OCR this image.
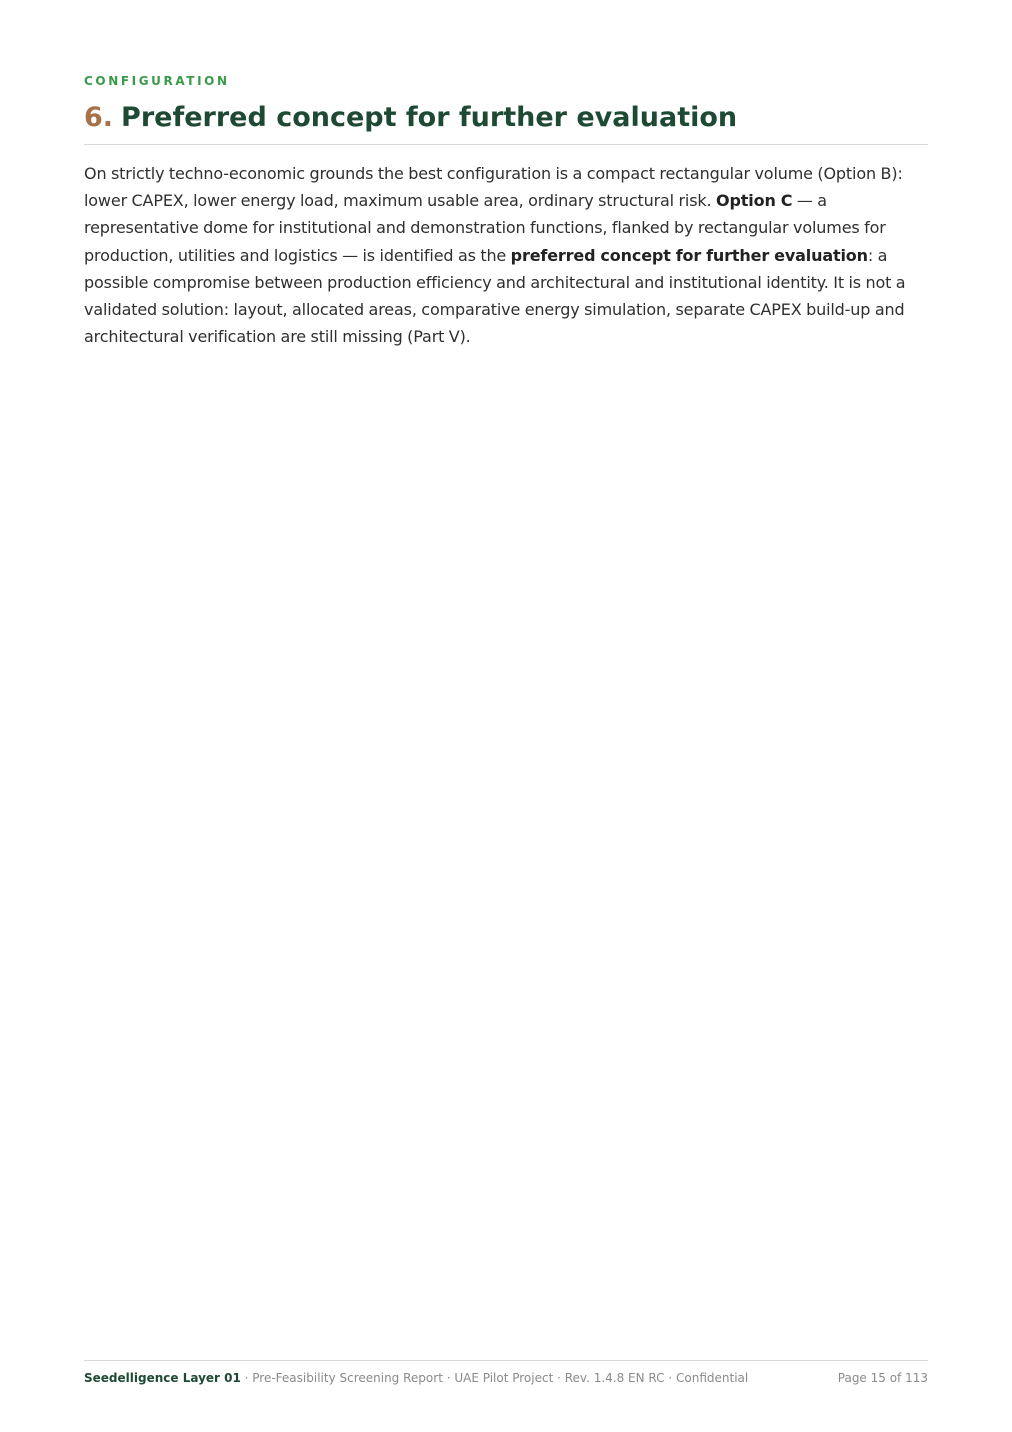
CONFIGURATION
6. Preferred concept for further evaluation

On strictly techno-economic grounds the best configuration is a compact rectangular volume (Option B): lower CAPEX, lower energy load, maximum usable area, ordinary structural risk. Option C — a representative dome for institutional and demonstration functions, flanked by rectangular volumes for production, utilities and logistics — is identified as the preferred concept for further evaluation: a possible compromise between production efficiency and architectural and institutional identity. It is not a validated solution: layout, allocated areas, comparative energy simulation, separate CAPEX build-up and architectural verification are still missing (Part V).

Seedelligence Layer 01 · Pre-Feasibility Screening Report · UAE Pilot Project · Rev. 1.4.8 EN RC · Confidential	Page 15 of 113
